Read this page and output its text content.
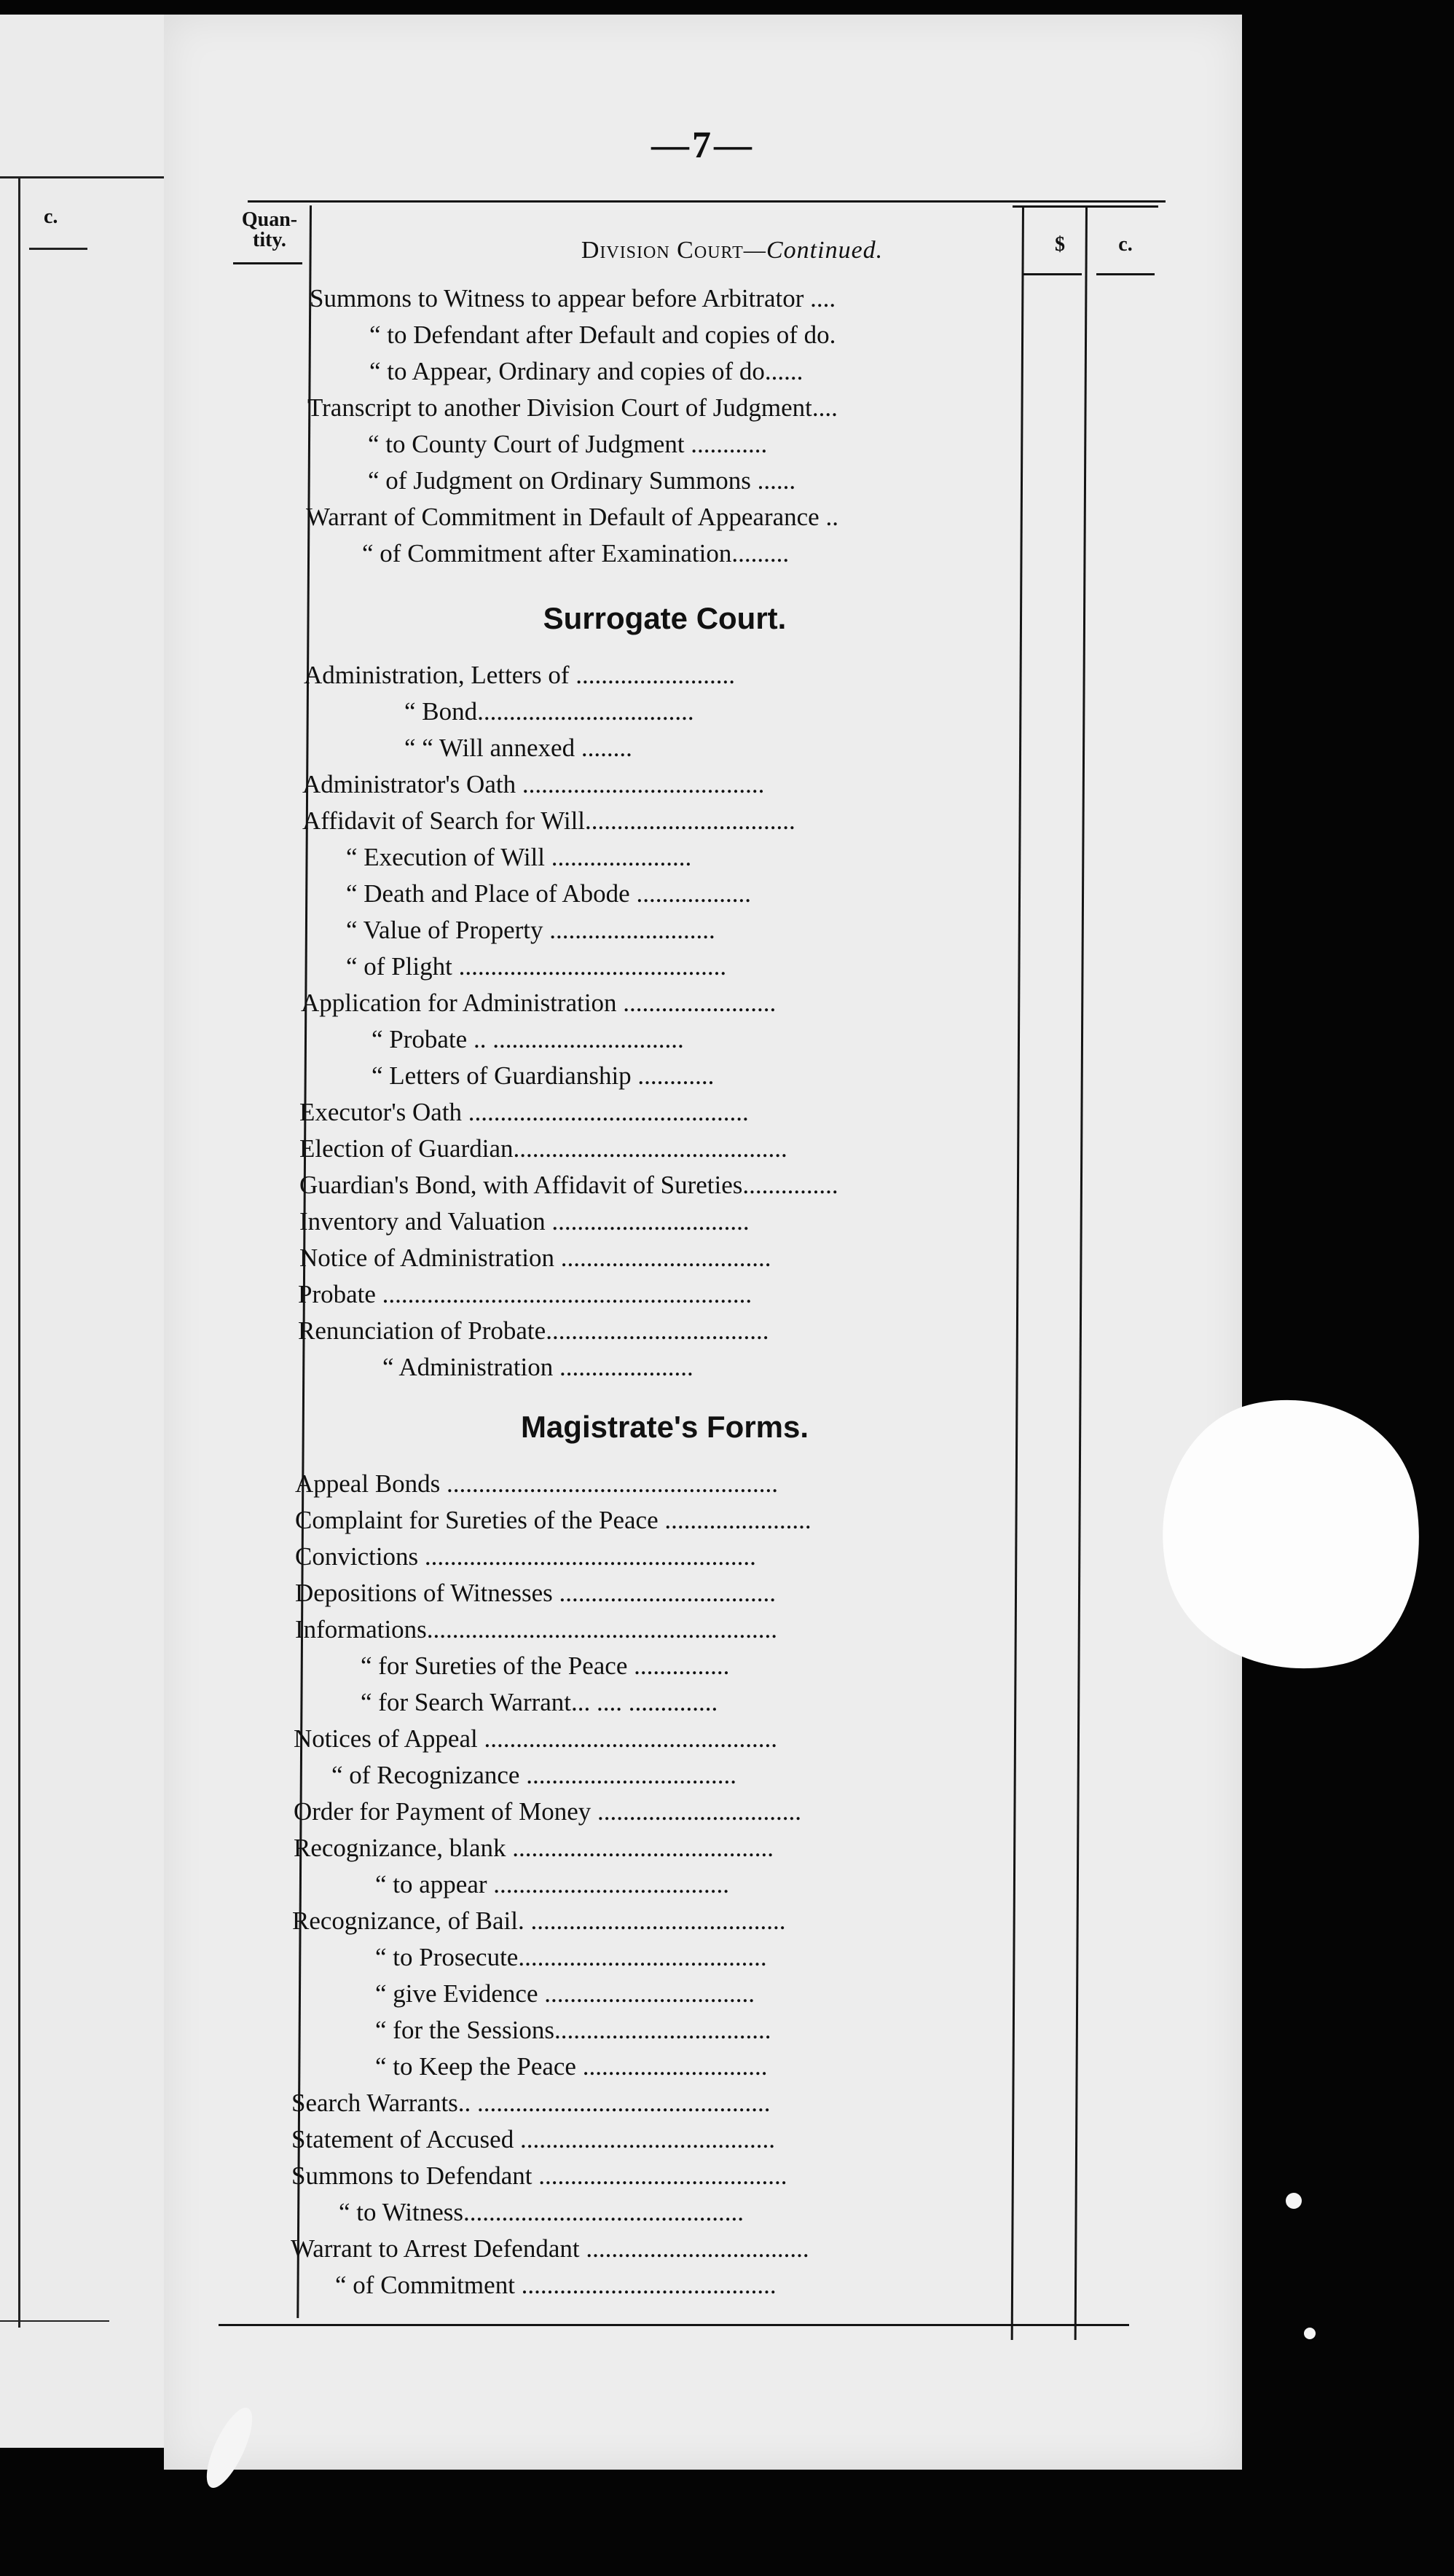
c.
—7—
Quan-
tity.	Division Court—Continued.	$	c.
Summons to Witness to appear before Arbitrator ....
“ to Defendant after Default and copies of do.
“ to Appear, Ordinary and copies of do......
Transcript to another Division Court of Judgment....
“ to County Court of Judgment ............
“ of Judgment on Ordinary Summons ......
Warrant of Commitment in Default of Appearance ..
“ of Commitment after Examination.........
Surrogate Court.
Administration, Letters of .........................
“ Bond..................................
“ “ Will annexed ........
Administrator's Oath ......................................
Affidavit of Search for Will.................................
“ Execution of Will ......................
“ Death and Place of Abode ..................
“ Value of Property ..........................
“ of Plight ..........................................
Application for Administration ........................
“ Probate .. ..............................
“ Letters of Guardianship ............
Executor's Oath ............................................
Election of Guardian...........................................
Guardian's Bond, with Affidavit of Sureties...............
Inventory and Valuation ...............................
Notice of Administration .................................
Probate ..........................................................
Renunciation of Probate...................................
“ Administration .....................
Magistrate's Forms.
Appeal Bonds ....................................................
Complaint for Sureties of the Peace .......................
Convictions ....................................................
Depositions of Witnesses ..................................
Informations.......................................................
“ for Sureties of the Peace ...............
“ for Search Warrant... .... ..............
Notices of Appeal ..............................................
“ of Recognizance .................................
Order for Payment of Money ................................
Recognizance, blank .........................................
“ to appear .....................................
Recognizance, of Bail. ........................................
“ to Prosecute.......................................
“ give Evidence .................................
“ for the Sessions..................................
“ to Keep the Peace .............................
Search Warrants.. ..............................................
Statement of Accused ........................................
Summons to Defendant .......................................
“ to Witness............................................
Warrant to Arrest Defendant ...................................
“ of Commitment ........................................
